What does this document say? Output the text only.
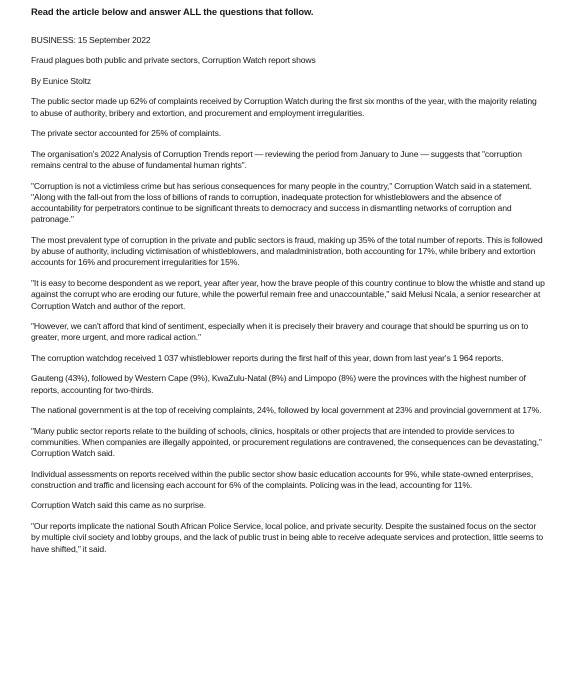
Read the article below and answer ALL the questions that follow.

BUSINESS: 15 September 2022

Fraud plagues both public and private sectors, Corruption Watch report shows

By Eunice Stoltz

The public sector made up 62% of complaints received by Corruption Watch during the first six months of the year, with the majority relating to abuse of authority, bribery and extortion, and procurement and employment irregularities.

The private sector accounted for 25% of complaints.

The organisation's 2022 Analysis of Corruption Trends report — reviewing the period from January to June — suggests that "corruption remains central to the abuse of fundamental human rights".

"Corruption is not a victimless crime but has serious consequences for many people in the country," Corruption Watch said in a statement. "Along with the fall-out from the loss of billions of rands to corruption, inadequate protection for whistleblowers and the absence of accountability for perpetrators continue to be significant threats to democracy and success in dismantling networks of corruption and patronage."

The most prevalent type of corruption in the private and public sectors is fraud, making up 35% of the total number of reports. This is followed by abuse of authority, including victimisation of whistleblowers, and maladministration, both accounting for 17%, while bribery and extortion accounts for 16% and procurement irregularities for 15%.

"It is easy to become despondent as we report, year after year, how the brave people of this country continue to blow the whistle and stand up against the corrupt who are eroding our future, while the powerful remain free and unaccountable," said Melusi Ncala, a senior researcher at Corruption Watch and author of the report.

"However, we can't afford that kind of sentiment, especially when it is precisely their bravery and courage that should be spurring us on to greater, more urgent, and more radical action."

The corruption watchdog received 1 037 whistleblower reports during the first half of this year, down from last year's 1 964 reports.

Gauteng (43%), followed by Western Cape (9%), KwaZulu-Natal (8%) and Limpopo (8%) were the provinces with the highest number of reports, accounting for two-thirds.

The national government is at the top of receiving complaints, 24%, followed by local government at 23% and provincial government at 17%.

"Many public sector reports relate to the building of schools, clinics, hospitals or other projects that are intended to provide services to communities. When companies are illegally appointed, or procurement regulations are contravened, the consequences can be devastating," Corruption Watch said.

Individual assessments on reports received within the public sector show basic education accounts for 9%, while state-owned enterprises, construction and traffic and licensing each account for 6% of the complaints. Policing was in the lead, accounting for 11%.

Corruption Watch said this came as no surprise.

"Our reports implicate the national South African Police Service, local police, and private security. Despite the sustained focus on the sector by multiple civil society and lobby groups, and the lack of public trust in being able to receive adequate services and protection, little seems to have shifted," it said.
